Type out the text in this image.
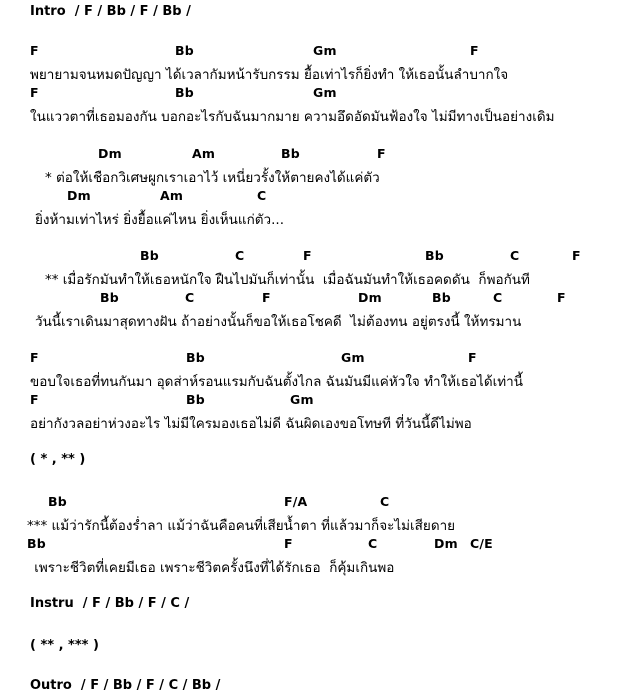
Intro  / F / Bb / F / Bb /
F	Bb	Gm	F
พยายามจนหมดปัญญา ได้เวลากัมหน้ารับกรรม ยื้อเท่าไรก็ยิ่งทำ ให้เธอนั้นลำบากใจ
F	Bb	Gm
ในแววตาที่เธอมองกัน บอกอะไรกับฉันมากมาย ความอึดอัดมันฟ้องใจ ไม่มีทางเป็นอย่างเดิม
Dm	Am	Bb	F
* ต่อให้เชือกวิเศษผูกเราเอาไว้ เหนี่ยวรั้งให้ตายคงได้แค่ตัว
Dm	Am	C
ยิ่งห้ามเท่าไหร่ ยิ่งยื้อแค่ไหน ยิ่งเห็นแก่ตัว...
Bb	C	F	Bb	C	F
** เมื่อรักมันทำให้เธอหนักใจ ฝืนไปมันก็เท่านั้น  เมื่อฉันมันทำให้เธอคดดัน  ก็พอกันที
Bb	C	F	Dm	Bb	C	F
วันนี้เราเดินมาสุดทางฝัน ถ้าอย่างนั้นก็ขอให้เธอโชคดี  ไม่ต้องทน อยู่ตรงนี้ ให้ทรมาน
F	Bb	Gm	F
ขอบใจเธอที่ทนกันมา อุดส่าห์รอนแรมกับฉันตั้งไกล ฉันมันมีแค่หัวใจ ทำให้เธอได้เท่านี้
F	Bb	Gm
อย่ากังวลอย่าห่วงอะไร ไม่มีใครมองเธอไม่ดี ฉันผิดเองขอโทษที ที่วันนี้ดีไม่พอ
( * , ** )
Bb	F/A	C
*** แม้ว่ารักนี้ต้องร่ำลา แม้ว่าฉันคือคนที่เสียน้ำตา ที่แล้วมาก็จะไม่เสียดาย
Bb	F	C	Dm C/E
เพราะชีวิตที่เคยมีเธอ เพราะชีวิตครั้งนึงที่ได้รักเธอ  ก็คุ้มเกินพอ
Instru  / F / Bb / F / C /
( ** , *** )
Outro  / F / Bb / F / C / Bb /
